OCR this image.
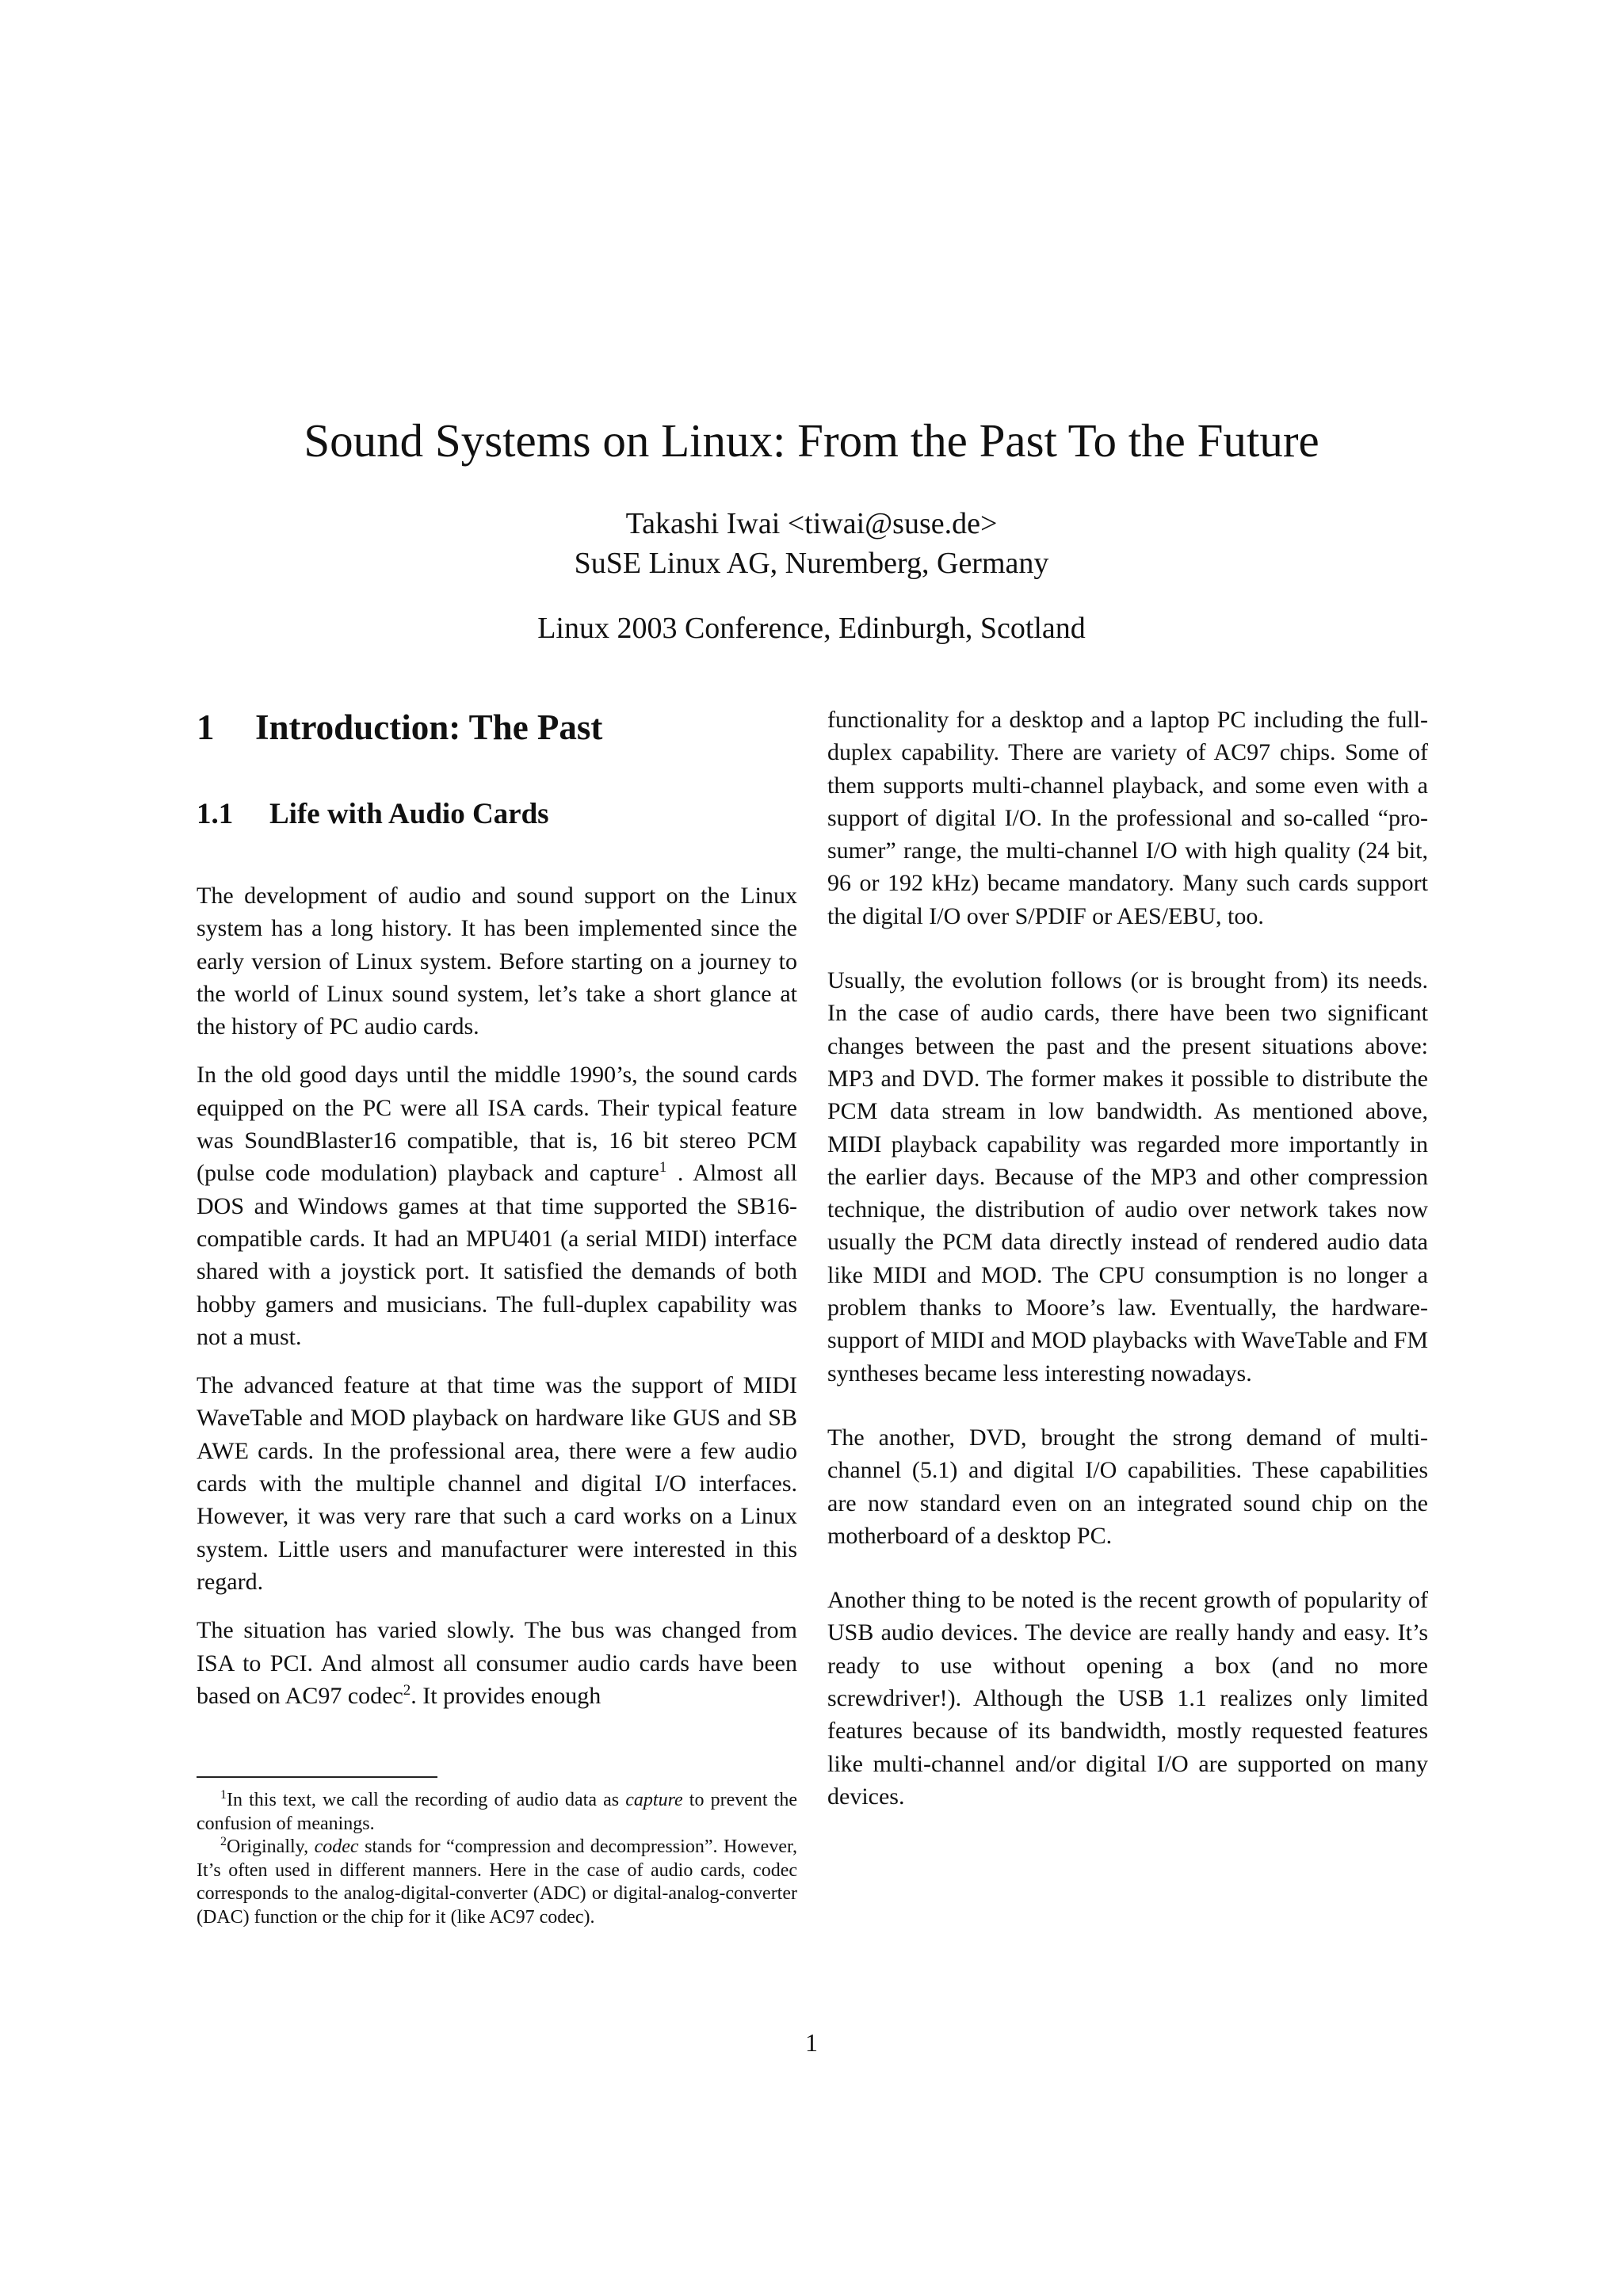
Sound Systems on Linux: From the Past To the Future
Takashi Iwai <tiwai@suse.de>
SuSE Linux AG, Nuremberg, Germany
Linux 2003 Conference, Edinburgh, Scotland
1 Introduction: The Past
1.1 Life with Audio Cards

The development of audio and sound support on the Linux system has a long history. It has been implemented since the early version of Linux system. Before starting on a journey to the world of Linux sound system, let’s take a short glance at the history of PC audio cards.

In the old good days until the middle 1990’s, the sound cards equipped on the PC were all ISA cards. Their typical feature was SoundBlaster16 compatible, that is, 16 bit stereo PCM (pulse code modulation) playback and capture$^1$ . Almost all DOS and Windows games at that time supported the SB16-compatible cards. It had an MPU401 (a serial MIDI) interface shared with a joystick port. It satisfied the demands of both hobby gamers and musicians. The full-duplex capability was not a must.

The advanced feature at that time was the support of MIDI WaveTable and MOD playback on hardware like GUS and SB AWE cards. In the professional area, there were a few audio cards with the multiple channel and digital I/O interfaces. However, it was very rare that such a card works on a Linux system. Little users and manufacturer were interested in this regard.

The situation has varied slowly. The bus was changed from ISA to PCI. And almost all consumer audio cards have been based on AC97 codec$^2$. It provides enough

$^1$In this text, we call the recording of audio data as capture to prevent the confusion of meanings.

$^2$Originally, codec stands for “compression and decompression”. However, It’s often used in different manners. Here in the case of audio cards, codec corresponds to the analog-digital-converter (ADC) or digital-analog-converter (DAC) function or the chip for it (like AC97 codec).

functionality for a desktop and a laptop PC including the full-duplex capability. There are variety of AC97 chips. Some of them supports multi-channel playback, and some even with a support of digital I/O. In the professional and so-called “pro-sumer” range, the multi-channel I/O with high quality (24 bit, 96 or 192 kHz) became mandatory. Many such cards support the digital I/O over S/PDIF or AES/EBU, too.

Usually, the evolution follows (or is brought from) its needs. In the case of audio cards, there have been two significant changes between the past and the present situations above: MP3 and DVD. The former makes it possible to distribute the PCM data stream in low bandwidth. As mentioned above, MIDI playback capability was regarded more importantly in the earlier days. Because of the MP3 and other compression technique, the distribution of audio over network takes now usually the PCM data directly instead of rendered audio data like MIDI and MOD. The CPU consumption is no longer a problem thanks to Moore’s law. Eventually, the hardware-support of MIDI and MOD playbacks with WaveTable and FM syntheses became less interesting nowadays.

The another, DVD, brought the strong demand of multi-channel (5.1) and digital I/O capabilities. These capabilities are now standard even on an integrated sound chip on the motherboard of a desktop PC.

Another thing to be noted is the recent growth of popularity of USB audio devices. The device are really handy and easy. It’s ready to use without opening a box (and no more screwdriver!). Although the USB 1.1 realizes only limited features because of its bandwidth, mostly requested features like multi-channel and/or digital I/O are supported on many devices.

1
